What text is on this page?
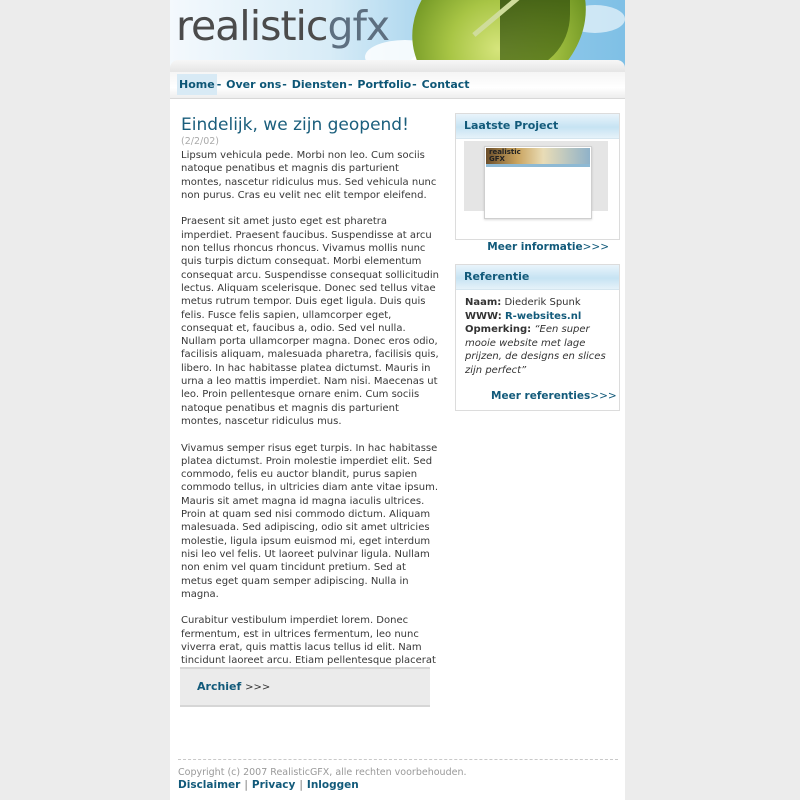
realisticgfx
Home - Over ons- Diensten- Portfolio- Contact
Eindelijk, we zijn geopend!
(2/2/02)

Lipsum vehicula pede. Morbi non leo. Cum sociis natoque penatibus et magnis dis parturient montes, nascetur ridiculus mus. Sed vehicula nunc non purus. Cras eu velit nec elit tempor eleifend.

Praesent sit amet justo eget est pharetra imperdiet. Praesent faucibus. Suspendisse at arcu non tellus rhoncus rhoncus. Vivamus mollis nunc quis turpis dictum consequat. Morbi elementum consequat arcu. Suspendisse consequat sollicitudin lectus. Aliquam scelerisque. Donec sed tellus vitae metus rutrum tempor. Duis eget ligula. Duis quis felis. Fusce felis sapien, ullamcorper eget, consequat et, faucibus a, odio. Sed vel nulla. Nullam porta ullamcorper magna. Donec eros odio, facilisis aliquam, malesuada pharetra, facilisis quis, libero. In hac habitasse platea dictumst. Mauris in urna a leo mattis imperdiet. Nam nisi. Maecenas ut leo. Proin pellentesque ornare enim. Cum sociis natoque penatibus et magnis dis parturient montes, nascetur ridiculus mus.

Vivamus semper risus eget turpis. In hac habitasse platea dictumst. Proin molestie imperdiet elit. Sed commodo, felis eu auctor blandit, purus sapien commodo tellus, in ultricies diam ante vitae ipsum. Mauris sit amet magna id magna iaculis ultrices. Proin at quam sed nisi commodo dictum. Aliquam malesuada. Sed adipiscing, odio sit amet ultricies molestie, ligula ipsum euismod mi, eget interdum nisi leo vel felis. Ut laoreet pulvinar ligula. Nullam non enim vel quam tincidunt pretium. Sed at metus eget quam semper adipiscing. Nulla in magna.

Curabitur vestibulum imperdiet lorem. Donec fermentum, est in ultrices fermentum, leo nunc viverra erat, quis mattis lacus tellus id elit. Nam tincidunt laoreet arcu. Etiam pellentesque placerat

Archief >>>
Laatste Project
realistic
GFX
Meer informatie>>>
Referentie
Naam: Diederik Spunk
WWW: R-websites.nl
Opmerking: “Een super mooie website met lage prijzen, de designs en slices zijn perfect”
Meer referenties>>>
Copyright (c) 2007 RealisticGFX, alle rechten voorbehouden.
Disclaimer | Privacy | Inloggen
